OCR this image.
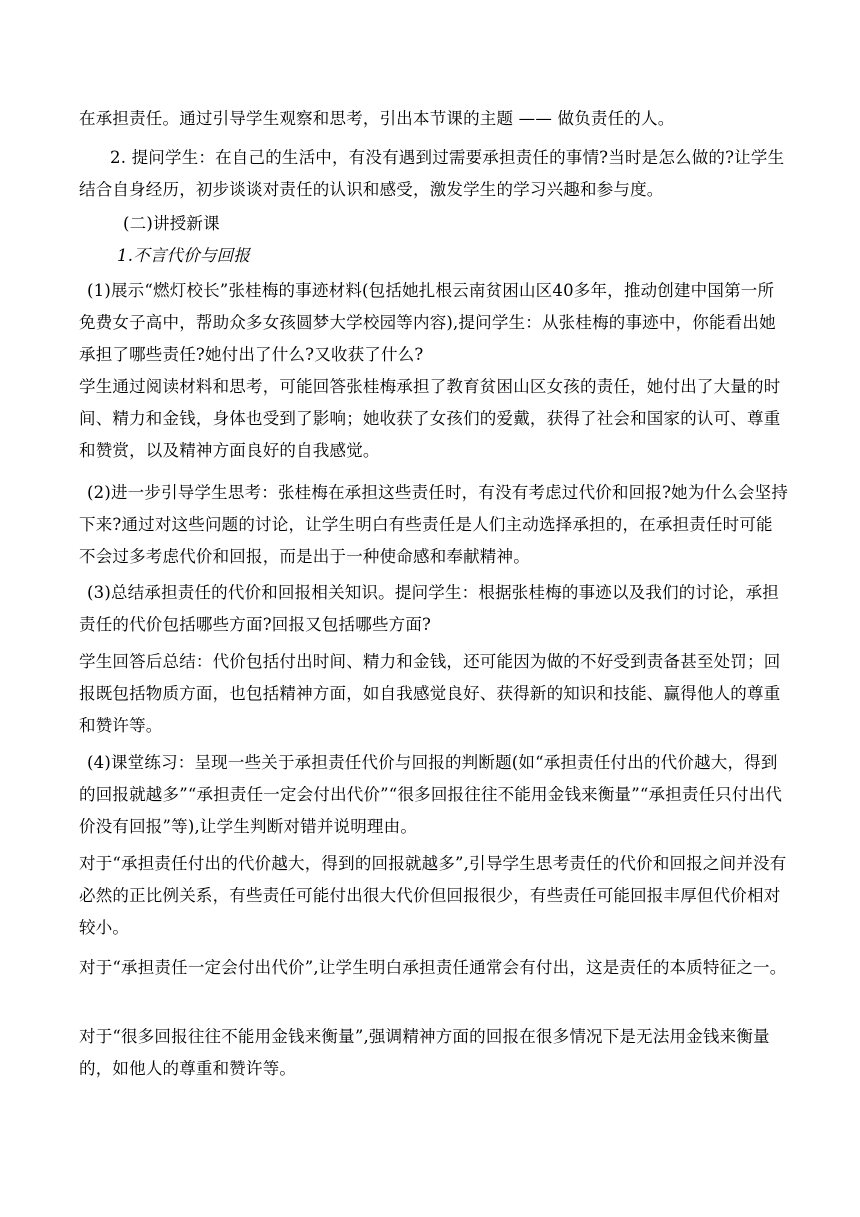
在承担责任。通过引导学生观察和思考，引出本节课的主题 —— 做负责任的人。

2. 提问学生：在自己的生活中，有没有遇到过需要承担责任的事情?当时是怎么做的?让学生结合自身经历，初步谈谈对责任的认识和感受，激发学生的学习兴趣和参与度。

(二)讲授新课

1.不言代价与回报

(1)展示“燃灯校长”张桂梅的事迹材料(包括她扎根云南贫困山区40多年，推动创建中国第一所免费女子高中，帮助众多女孩圆梦大学校园等内容),提问学生：从张桂梅的事迹中，你能看出她承担了哪些责任?她付出了什么?又收获了什么?

学生通过阅读材料和思考，可能回答张桂梅承担了教育贫困山区女孩的责任，她付出了大量的时间、精力和金钱，身体也受到了影响；她收获了女孩们的爱戴，获得了社会和国家的认可、尊重和赞赏，以及精神方面良好的自我感觉。

(2)进一步引导学生思考：张桂梅在承担这些责任时，有没有考虑过代价和回报?她为什么会坚持下来?通过对这些问题的讨论，让学生明白有些责任是人们主动选择承担的，在承担责任时可能不会过多考虑代价和回报，而是出于一种使命感和奉献精神。

(3)总结承担责任的代价和回报相关知识。提问学生：根据张桂梅的事迹以及我们的讨论，承担责任的代价包括哪些方面?回报又包括哪些方面?

学生回答后总结：代价包括付出时间、精力和金钱，还可能因为做的不好受到责备甚至处罚；回报既包括物质方面，也包括精神方面，如自我感觉良好、获得新的知识和技能、赢得他人的尊重和赞许等。

(4)课堂练习：呈现一些关于承担责任代价与回报的判断题(如“承担责任付出的代价越大，得到的回报就越多”“承担责任一定会付出代价”“很多回报往往不能用金钱来衡量”“承担责任只付出代价没有回报”等),让学生判断对错并说明理由。

对于“承担责任付出的代价越大，得到的回报就越多”,引导学生思考责任的代价和回报之间并没有必然的正比例关系，有些责任可能付出很大代价但回报很少，有些责任可能回报丰厚但代价相对较小。

对于“承担责任一定会付出代价”,让学生明白承担责任通常会有付出，这是责任的本质特征之一。

对于“很多回报往往不能用金钱来衡量”,强调精神方面的回报在很多情况下是无法用金钱来衡量的，如他人的尊重和赞许等。
